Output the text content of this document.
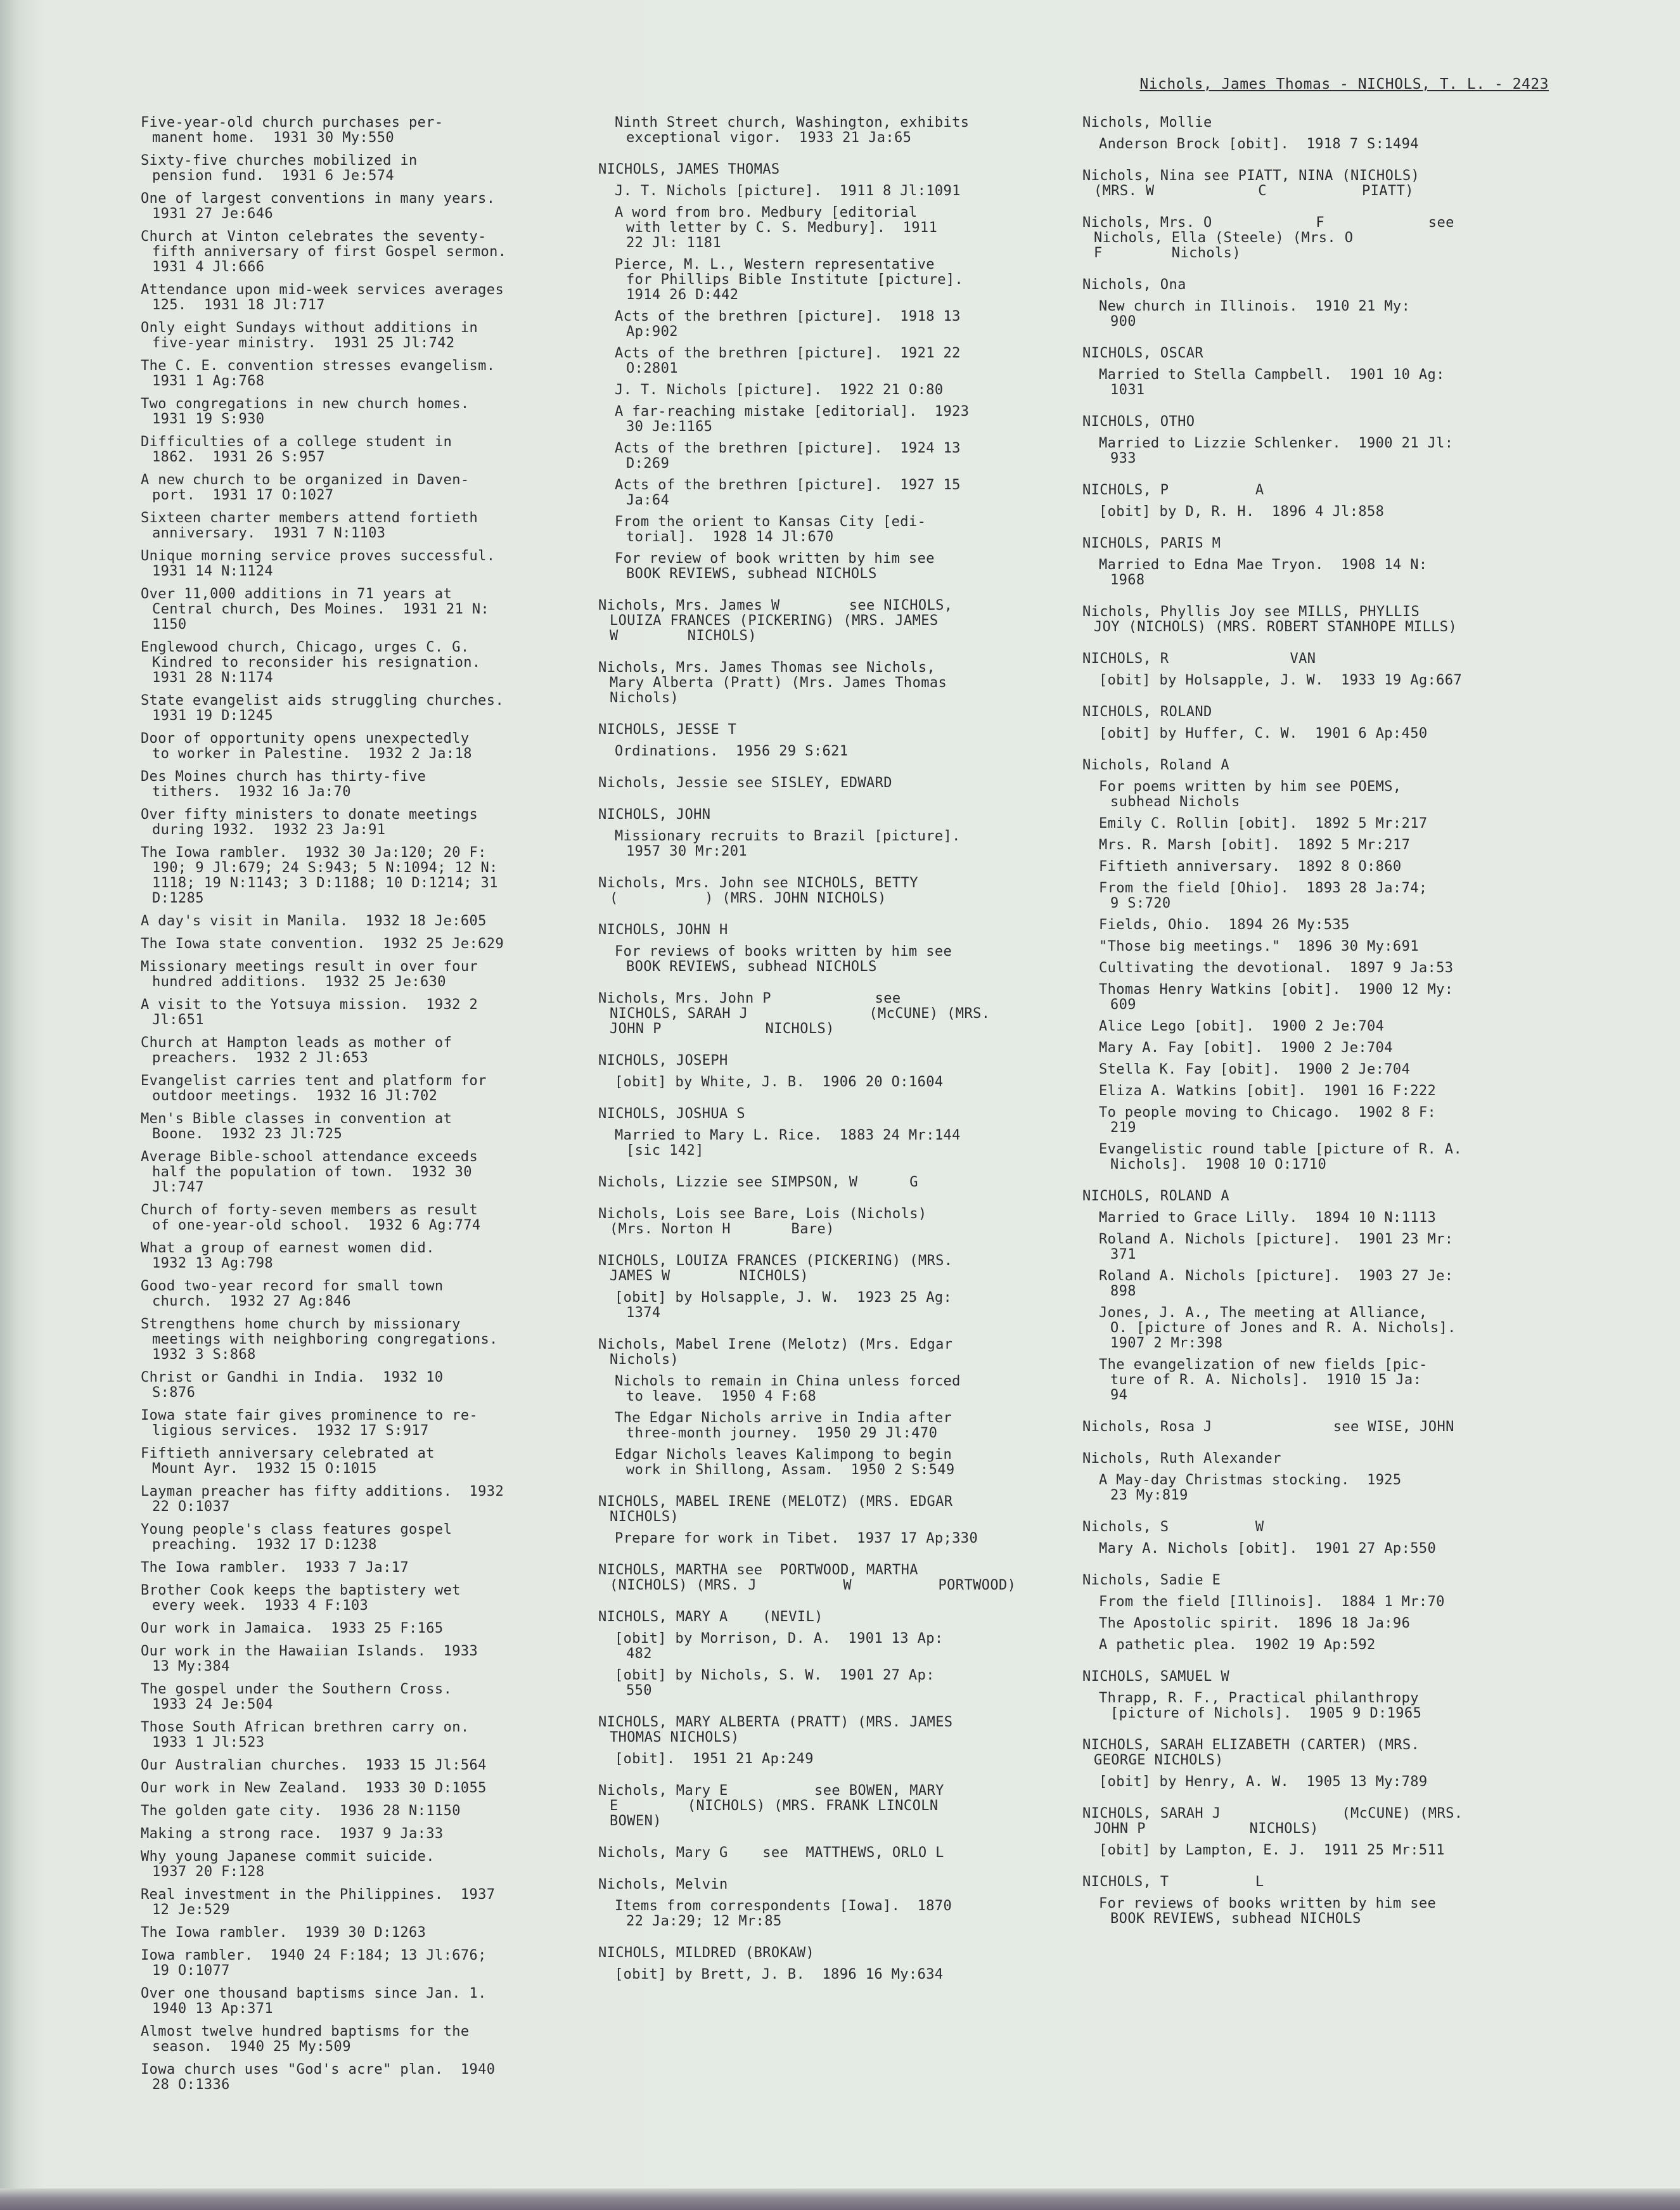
Nichols, James Thomas - NICHOLS, T. L. - 2423
Five-year-old church purchases per-
manent home.  1931 30 My:550
Sixty-five churches mobilized in
pension fund.  1931 6 Je:574
One of largest conventions in many years.
1931 27 Je:646
Church at Vinton celebrates the seventy-
fifth anniversary of first Gospel sermon.
1931 4 Jl:666
Attendance upon mid-week services averages
125.  1931 18 Jl:717
Only eight Sundays without additions in
five-year ministry.  1931 25 Jl:742
The C. E. convention stresses evangelism.
1931 1 Ag:768
Two congregations in new church homes.
1931 19 S:930
Difficulties of a college student in
1862.  1931 26 S:957
A new church to be organized in Daven-
port.  1931 17 O:1027
Sixteen charter members attend fortieth
anniversary.  1931 7 N:1103
Unique morning service proves successful.
1931 14 N:1124
Over 11,000 additions in 71 years at
Central church, Des Moines.  1931 21 N:
1150
Englewood church, Chicago, urges C. G.
Kindred to reconsider his resignation.
1931 28 N:1174
State evangelist aids struggling churches.
1931 19 D:1245
Door of opportunity opens unexpectedly
to worker in Palestine.  1932 2 Ja:18
Des Moines church has thirty-five
tithers.  1932 16 Ja:70
Over fifty ministers to donate meetings
during 1932.  1932 23 Ja:91
The Iowa rambler.  1932 30 Ja:120; 20 F:
190; 9 Jl:679; 24 S:943; 5 N:1094; 12 N:
1118; 19 N:1143; 3 D:1188; 10 D:1214; 31
D:1285
A day's visit in Manila.  1932 18 Je:605
The Iowa state convention.  1932 25 Je:629
Missionary meetings result in over four
hundred additions.  1932 25 Je:630
A visit to the Yotsuya mission.  1932 2
Jl:651
Church at Hampton leads as mother of
preachers.  1932 2 Jl:653
Evangelist carries tent and platform for
outdoor meetings.  1932 16 Jl:702
Men's Bible classes in convention at
Boone.  1932 23 Jl:725
Average Bible-school attendance exceeds
half the population of town.  1932 30
Jl:747
Church of forty-seven members as result
of one-year-old school.  1932 6 Ag:774
What a group of earnest women did.
1932 13 Ag:798
Good two-year record for small town
church.  1932 27 Ag:846
Strengthens home church by missionary
meetings with neighboring congregations.
1932 3 S:868
Christ or Gandhi in India.  1932 10
S:876
Iowa state fair gives prominence to re-
ligious services.  1932 17 S:917
Fiftieth anniversary celebrated at
Mount Ayr.  1932 15 O:1015
Layman preacher has fifty additions.  1932
22 O:1037
Young people's class features gospel
preaching.  1932 17 D:1238
The Iowa rambler.  1933 7 Ja:17
Brother Cook keeps the baptistery wet
every week.  1933 4 F:103
Our work in Jamaica.  1933 25 F:165
Our work in the Hawaiian Islands.  1933
13 My:384
The gospel under the Southern Cross.
1933 24 Je:504
Those South African brethren carry on.
1933 1 Jl:523
Our Australian churches.  1933 15 Jl:564
Our work in New Zealand.  1933 30 D:1055
The golden gate city.  1936 28 N:1150
Making a strong race.  1937 9 Ja:33
Why young Japanese commit suicide.
1937 20 F:128
Real investment in the Philippines.  1937
12 Je:529
The Iowa rambler.  1939 30 D:1263
Iowa rambler.  1940 24 F:184; 13 Jl:676;
19 O:1077
Over one thousand baptisms since Jan. 1.
1940 13 Ap:371
Almost twelve hundred baptisms for the
season.  1940 25 My:509
Iowa church uses "God's acre" plan.  1940
28 O:1336
Ninth Street church, Washington, exhibits
exceptional vigor.  1933 21 Ja:65
NICHOLS, JAMES THOMAS
J. T. Nichols [picture].  1911 8 Jl:1091
A word from bro. Medbury [editorial
with letter by C. S. Medbury].  1911
22 Jl: 1181
Pierce, M. L., Western representative
for Phillips Bible Institute [picture].
1914 26 D:442
Acts of the brethren [picture].  1918 13
Ap:902
Acts of the brethren [picture].  1921 22
O:2801
J. T. Nichols [picture].  1922 21 O:80
A far-reaching mistake [editorial].  1923
30 Je:1165
Acts of the brethren [picture].  1924 13
D:269
Acts of the brethren [picture].  1927 15
Ja:64
From the orient to Kansas City [edi-
torial].  1928 14 Jl:670
For review of book written by him see
BOOK REVIEWS, subhead NICHOLS
Nichols, Mrs. James W        see NICHOLS,
LOUIZA FRANCES (PICKERING) (MRS. JAMES
W        NICHOLS)
Nichols, Mrs. James Thomas see Nichols,
Mary Alberta (Pratt) (Mrs. James Thomas
Nichols)
NICHOLS, JESSE T
Ordinations.  1956 29 S:621
Nichols, Jessie see SISLEY, EDWARD
NICHOLS, JOHN
Missionary recruits to Brazil [picture].
1957 30 Mr:201
Nichols, Mrs. John see NICHOLS, BETTY
(          ) (MRS. JOHN NICHOLS)
NICHOLS, JOHN H
For reviews of books written by him see
BOOK REVIEWS, subhead NICHOLS
Nichols, Mrs. John P            see
NICHOLS, SARAH J              (McCUNE) (MRS.
JOHN P            NICHOLS)
NICHOLS, JOSEPH
[obit] by White, J. B.  1906 20 O:1604
NICHOLS, JOSHUA S
Married to Mary L. Rice.  1883 24 Mr:144
[sic 142]
Nichols, Lizzie see SIMPSON, W      G
Nichols, Lois see Bare, Lois (Nichols)
(Mrs. Norton H       Bare)
NICHOLS, LOUIZA FRANCES (PICKERING) (MRS.
JAMES W        NICHOLS)
[obit] by Holsapple, J. W.  1923 25 Ag:
1374
Nichols, Mabel Irene (Melotz) (Mrs. Edgar
Nichols)
Nichols to remain in China unless forced
to leave.  1950 4 F:68
The Edgar Nichols arrive in India after
three-month journey.  1950 29 Jl:470
Edgar Nichols leaves Kalimpong to begin
work in Shillong, Assam.  1950 2 S:549
NICHOLS, MABEL IRENE (MELOTZ) (MRS. EDGAR
NICHOLS)
Prepare for work in Tibet.  1937 17 Ap;330
NICHOLS, MARTHA see  PORTWOOD, MARTHA
(NICHOLS) (MRS. J          W          PORTWOOD)
NICHOLS, MARY A    (NEVIL)
[obit] by Morrison, D. A.  1901 13 Ap:
482
[obit] by Nichols, S. W.  1901 27 Ap:
550
NICHOLS, MARY ALBERTA (PRATT) (MRS. JAMES
THOMAS NICHOLS)
[obit].  1951 21 Ap:249
Nichols, Mary E          see BOWEN, MARY
E        (NICHOLS) (MRS. FRANK LINCOLN
BOWEN)
Nichols, Mary G    see  MATTHEWS, ORLO L
Nichols, Melvin
Items from correspondents [Iowa].  1870
22 Ja:29; 12 Mr:85
NICHOLS, MILDRED (BROKAW)
[obit] by Brett, J. B.  1896 16 My:634
Nichols, Mollie
Anderson Brock [obit].  1918 7 S:1494
Nichols, Nina see PIATT, NINA (NICHOLS)
(MRS. W            C           PIATT)
Nichols, Mrs. O            F            see
Nichols, Ella (Steele) (Mrs. O
F        Nichols)
Nichols, Ona
New church in Illinois.  1910 21 My:
900
NICHOLS, OSCAR
Married to Stella Campbell.  1901 10 Ag:
1031
NICHOLS, OTHO
Married to Lizzie Schlenker.  1900 21 Jl:
933
NICHOLS, P          A
[obit] by D, R. H.  1896 4 Jl:858
NICHOLS, PARIS M
Married to Edna Mae Tryon.  1908 14 N:
1968
Nichols, Phyllis Joy see MILLS, PHYLLIS
JOY (NICHOLS) (MRS. ROBERT STANHOPE MILLS)
NICHOLS, R              VAN
[obit] by Holsapple, J. W.  1933 19 Ag:667
NICHOLS, ROLAND
[obit] by Huffer, C. W.  1901 6 Ap:450
Nichols, Roland A
For poems written by him see POEMS,
subhead Nichols
Emily C. Rollin [obit].  1892 5 Mr:217
Mrs. R. Marsh [obit].  1892 5 Mr:217
Fiftieth anniversary.  1892 8 O:860
From the field [Ohio].  1893 28 Ja:74;
9 S:720
Fields, Ohio.  1894 26 My:535
"Those big meetings."  1896 30 My:691
Cultivating the devotional.  1897 9 Ja:53
Thomas Henry Watkins [obit].  1900 12 My:
609
Alice Lego [obit].  1900 2 Je:704
Mary A. Fay [obit].  1900 2 Je:704
Stella K. Fay [obit].  1900 2 Je:704
Eliza A. Watkins [obit].  1901 16 F:222
To people moving to Chicago.  1902 8 F:
219
Evangelistic round table [picture of R. A.
Nichols].  1908 10 O:1710
NICHOLS, ROLAND A
Married to Grace Lilly.  1894 10 N:1113
Roland A. Nichols [picture].  1901 23 Mr:
371
Roland A. Nichols [picture].  1903 27 Je:
898
Jones, J. A., The meeting at Alliance,
O. [picture of Jones and R. A. Nichols].
1907 2 Mr:398
The evangelization of new fields [pic-
ture of R. A. Nichols].  1910 15 Ja:
94
Nichols, Rosa J              see WISE, JOHN
Nichols, Ruth Alexander
A May-day Christmas stocking.  1925
23 My:819
Nichols, S          W
Mary A. Nichols [obit].  1901 27 Ap:550
Nichols, Sadie E
From the field [Illinois].  1884 1 Mr:70
The Apostolic spirit.  1896 18 Ja:96
A pathetic plea.  1902 19 Ap:592
NICHOLS, SAMUEL W
Thrapp, R. F., Practical philanthropy
[picture of Nichols].  1905 9 D:1965
NICHOLS, SARAH ELIZABETH (CARTER) (MRS.
GEORGE NICHOLS)
[obit] by Henry, A. W.  1905 13 My:789
NICHOLS, SARAH J              (McCUNE) (MRS.
JOHN P            NICHOLS)
[obit] by Lampton, E. J.  1911 25 Mr:511
NICHOLS, T          L
For reviews of books written by him see
BOOK REVIEWS, subhead NICHOLS
